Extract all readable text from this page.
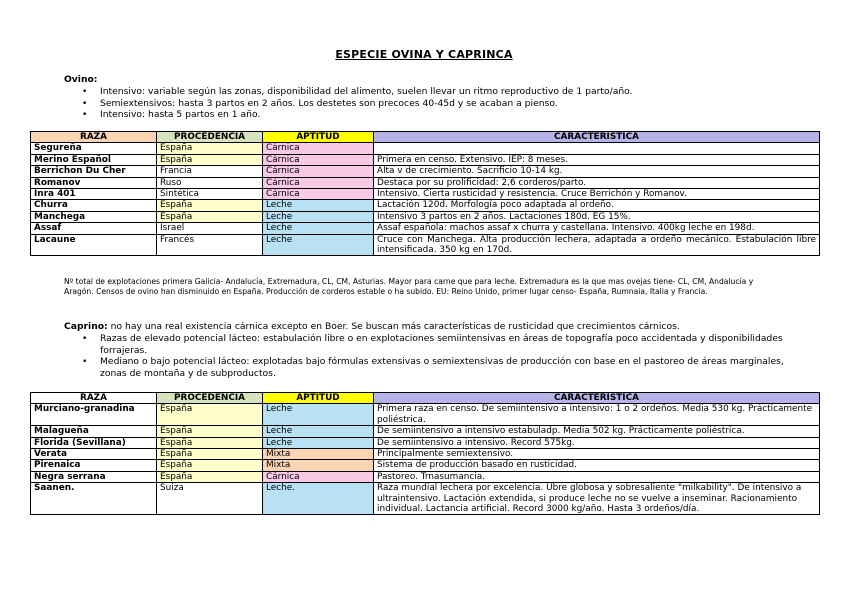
ESPECIE OVINA Y CAPRINCA
Ovino:
• Intensivo: variable según las zonas, disponibilidad del alimento, suelen llevar un ritmo reproductivo de 1 parto/año.
• Semiextensivos: hasta 3 partos en 2 años. Los destetes son precoces 40-45d y se acaban a pienso.
• Intensivo: hasta 5 partos en 1 año.
RAZA	PROCEDENCIA	APTITUD	CARACTERÍSTICA
Segureña	España	Cárnica	
Merino Español	España	Cárnica	Primera en censo. Extensivo. IEP: 8 meses.
Berrichon Du Cher	Francia	Cárnica	Alta v de crecimiento. Sacrificio 10-14 kg.
Romanov	Ruso	Cárnica	Destaca por su prolificidad: 2,6 corderos/parto.
Inra 401	Sintética	Cárnica	Intensivo. Cierta rusticidad y resistencia. Cruce Berrichón y Romanov.
Churra	España	Leche	Lactación 120d. Morfología poco adaptada al ordeño.
Manchega	España	Leche	Intensivo 3 partos en 2 años. Lactaciones 180d. EG 15%.
Assaf	Israel	Leche	Assaf española: machos assaf x churra y castellana. Intensivo. 400kg leche en 198d.
Lacaune	Francés	Leche	Cruce con Manchega. Alta producción lechera, adaptada a ordeño mecánico. Estabulación libre intensificada. 350 kg en 170d.
Nº total de explotaciones primera Galicia- Andalucía, Extremadura, CL, CM, Asturias. Mayor para carne que para leche. Extremadura es la que mas ovejas tiene- CL, CM, Andalucía y Aragón. Censos de ovino han disminuido en España. Producción de corderos estable o ha subido. EU: Reino Unido, primer lugar censo- España, Rumnaia, Italia y Francia.
Caprino: no hay una real existencia cárnica excepto en Boer. Se buscan más características de rusticidad que crecimientos cárnicos.
• Razas de elevado potencial lácteo: estabulación libre o en explotaciones semiintensivas en áreas de topografía poco accidentada y disponibilidades forrajeras.
• Mediano o bajo potencial lácteo: explotadas bajo fórmulas extensivas o semiextensivas de producción con base en el pastoreo de áreas marginales, zonas de montaña y de subproductos.
RAZA	PROCEDENCIA	APTITUD	CARACTERÍSTICA
Murciano-granadina	España	Leche	Primera raza en censo. De semiintensivo a intensivo: 1 o 2 ordeños. Media 530 kg. Prácticamente poliéstrica.
Malagueña	España	Leche	De semiintensivo a intensivo estabuladp. Media 502 kg. Prácticamente poliéstrica.
Florida (Sevillana)	España	Leche	De semiintensivo a intensivo. Record 575kg.
Verata	España	Mixta	Principalmente semiextensivo.
Pirenaica	España	Mixta	Sistema de producción basado en rusticidad.
Negra serrana	España	Cárnica	Pastoreo. Trnasumancia.
Saanen.	Suiza	Leche.	Raza mundial lechera por excelencia. Ubre globosa y sobresaliente "milkability". De intensivo a ultraintensivo. Lactación extendida, si produce leche no se vuelve a inseminar. Racionamiento individual. Lactancia artificial. Record 3000 kg/año. Hasta 3 ordeños/día.
